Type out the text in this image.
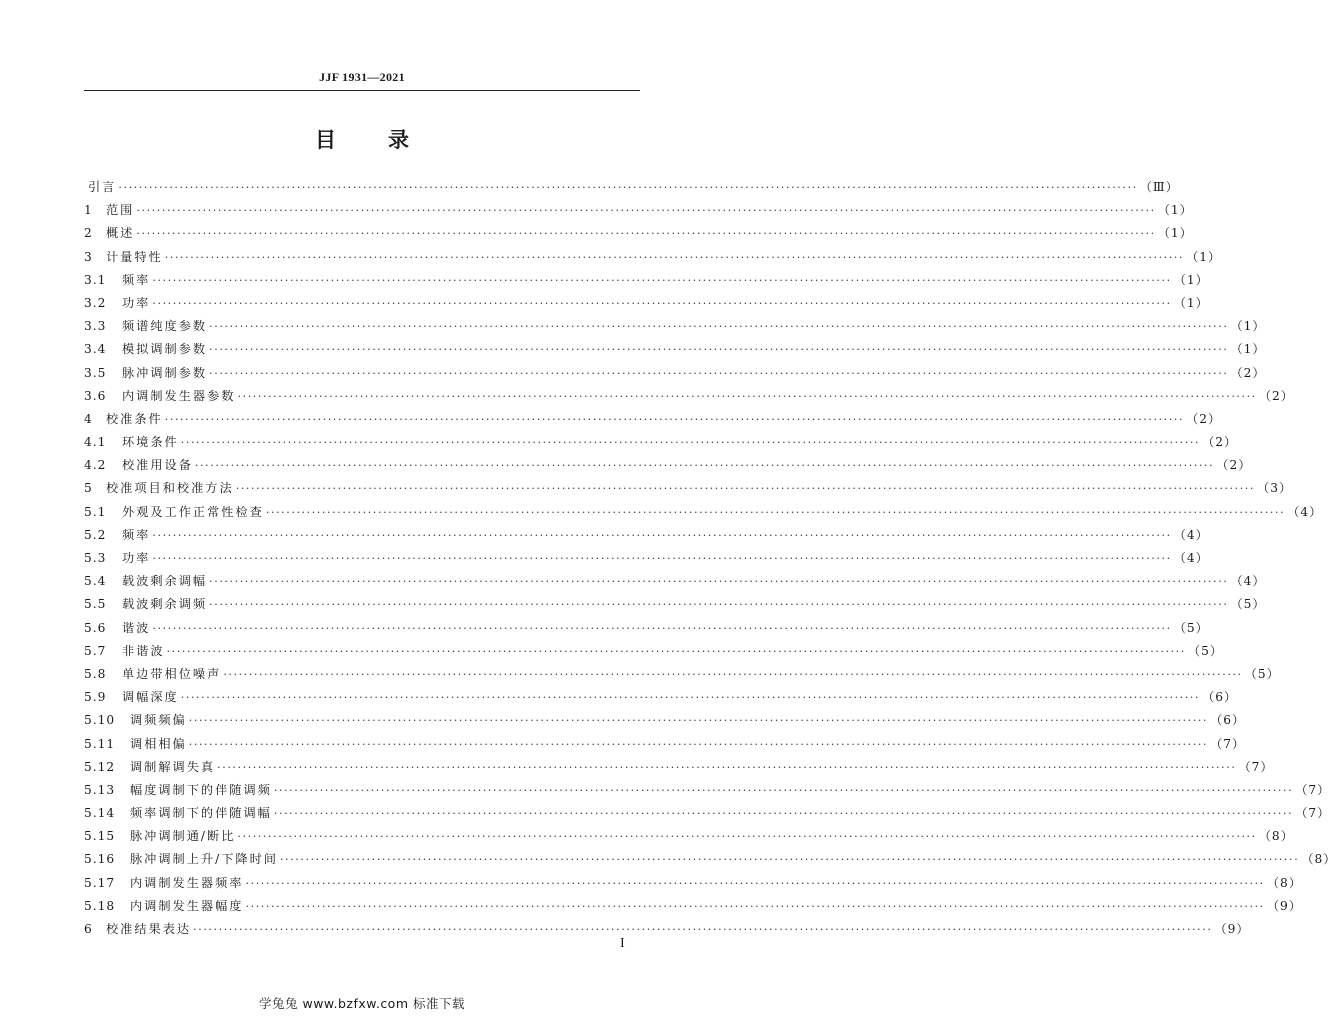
JJF 1931—2021
目 录
引言 ········································································································································································································ （Ⅲ）
1	范围 ········································································································································································································ （1）
2	概述 ········································································································································································································ （1）
3	计量特性 ········································································································································································································ （1）
3.1	频率 ········································································································································································································ （1）
3.2	功率 ········································································································································································································ （1）
3.3	频谱纯度参数 ········································································································································································································ （1）
3.4	模拟调制参数 ········································································································································································································ （1）
3.5	脉冲调制参数 ········································································································································································································ （2）
3.6	内调制发生器参数 ········································································································································································································ （2）
4	校准条件 ········································································································································································································ （2）
4.1	环境条件 ········································································································································································································ （2）
4.2	校准用设备 ········································································································································································································ （2）
5	校准项目和校准方法 ········································································································································································································ （3）
5.1	外观及工作正常性检查 ········································································································································································································ （4）
5.2	频率 ········································································································································································································ （4）
5.3	功率 ········································································································································································································ （4）
5.4	载波剩余调幅 ········································································································································································································ （4）
5.5	载波剩余调频 ········································································································································································································ （5）
5.6	谐波 ········································································································································································································ （5）
5.7	非谐波 ········································································································································································································ （5）
5.8	单边带相位噪声 ········································································································································································································ （5）
5.9	调幅深度 ········································································································································································································ （6）
5.10	调频频偏 ········································································································································································································ （6）
5.11	调相相偏 ········································································································································································································ （7）
5.12	调制解调失真 ········································································································································································································ （7）
5.13	幅度调制下的伴随调频 ········································································································································································································ （7）
5.14	频率调制下的伴随调幅 ········································································································································································································ （7）
5.15	脉冲调制通/断比 ········································································································································································································ （8）
5.16	脉冲调制上升/下降时间 ········································································································································································································ （8）
5.17	内调制发生器频率 ········································································································································································································ （8）
5.18	内调制发生器幅度 ········································································································································································································ （9）
6	校准结果表达 ········································································································································································································ （9）
I
学兔兔 www.bzfxw.com 标准下载
